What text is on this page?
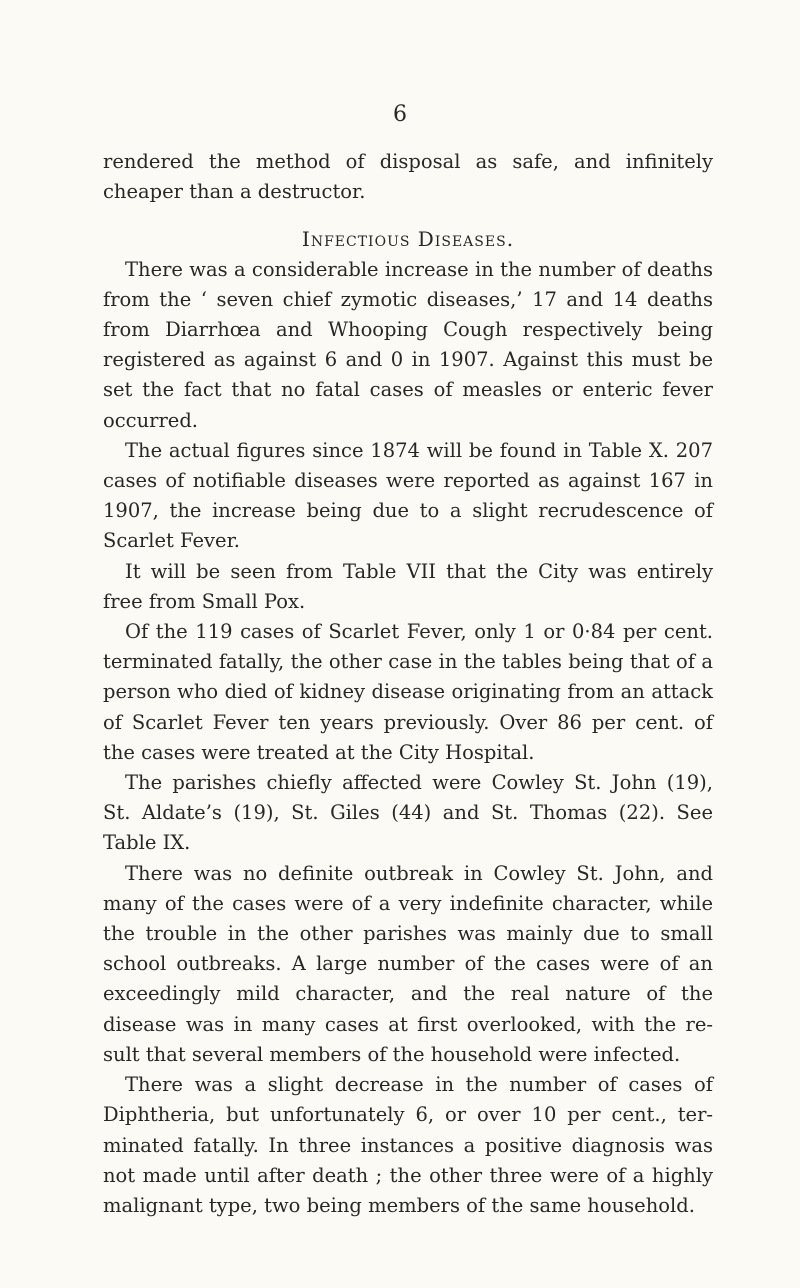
6

rendered the method of disposal as safe, and infinitely cheaper than a destructor.

Infectious Diseases.

There was a considerable increase in the number of deaths from the ‘ seven chief zymotic diseases,’ 17 and 14 deaths from Diarrhœa and Whooping Cough respectively being registered as against 6 and 0 in 1907. Against this must be set the fact that no fatal cases of measles or enteric fever occurred.

The actual figures since 1874 will be found in Table X. 207 cases of notifiable diseases were reported as against 167 in 1907, the increase being due to a slight recrudescence of Scarlet Fever.

It will be seen from Table VII that the City was entirely free from Small Pox.

Of the 119 cases of Scarlet Fever, only 1 or 0·84 per cent. terminated fatally, the other case in the tables being that of a person who died of kidney disease originating from an attack of Scarlet Fever ten years previously. Over 86 per cent. of the cases were treated at the City Hospital.

The parishes chiefly affected were Cowley St. John (19), St. Aldate’s (19), St. Giles (44) and St. Thomas (22). See Table IX.

There was no definite outbreak in Cowley St. John, and many of the cases were of a very indefinite character, while the trouble in the other parishes was mainly due to small school outbreaks. A large number of the cases were of an exceedingly mild character, and the real nature of the disease was in many cases at first overlooked, with the re-sult that several members of the household were infected.

There was a slight decrease in the number of cases of Diphtheria, but unfortunately 6, or over 10 per cent., ter-minated fatally. In three instances a positive diagnosis was not made until after death ; the other three were of a highly malignant type, two being members of the same household.
